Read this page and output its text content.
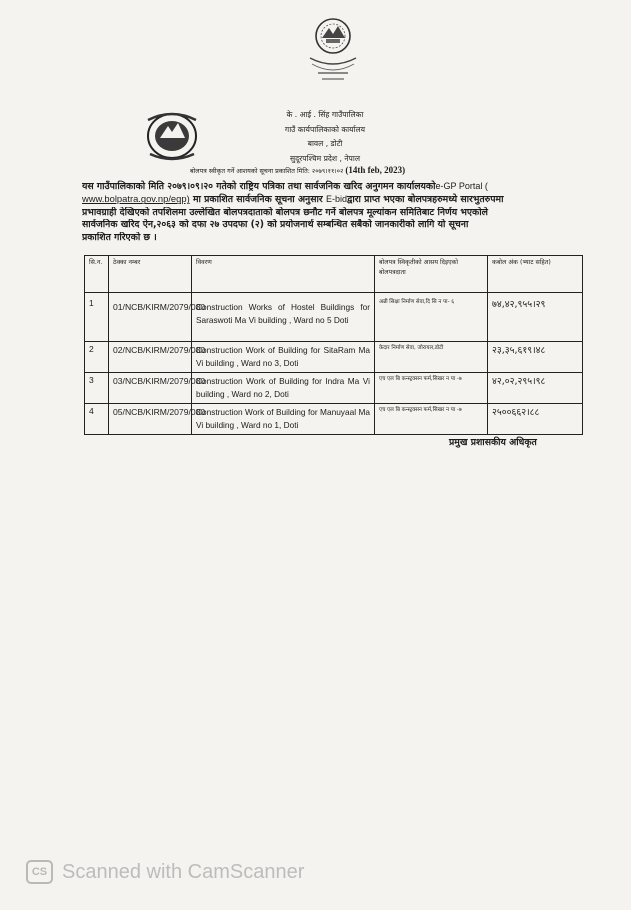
के . आई . सिंह गाउँपालिका
गाउँ कार्यपालिकाको कार्यालय
बावल , डोटी
सुदूरपश्चिम प्रदेश , नेपाल
बोलपत्र स्वीकृत गर्ने आशयको सूचना प्रकाशित मिति: २०७९।११।०२ (14th feb, 2023)
यस गाउँपालिकाको मिति २०७९।०९।२० गतेको राष्ट्रिय पत्रिका तथा सार्वजनिक खरिद अनुगमन कार्यालयकोe-GP Portal (
www.bolpatra.gov.np/egp) मा प्रकाशित सार्वजनिक सूचना अनुसार E-bidद्वारा प्राप्त भएका बोलपत्रहरुमध्ये सारभुतरुपमा
प्रभावग्राही देखिएको तपशिलमा उल्लेखित बोलपत्रदाताको बोलपत्र छनौट गर्ने बोलपत्र मूल्यांकन समितिबाट निर्णय भएकोले
सार्वजनिक खरिद ऐन,२०६३ को दफा २७ उपदफा (२) को प्रयोजनार्थ सम्बन्धित सबैको जानकारीको लागि यो सूचना
प्रकाशित गरिएको छ ।
सि.न.	ठेक्का नम्बर	विवरण	बोलपत्र स्विकृतीको आसय दिइएको बोलपत्रदाता	कबोल अंक (भ्याट सहित)
1	01/NCB/KIRM/2079/080	Construction Works of Hostel Buildings for Saraswoti Ma Vi building , Ward no 5 Doti	अन्नी सिक्षा निर्माण सेवा,दि सि न पा- ६	७४,४२,९५५।२९
2	02/NCB/KIRM/2079/080	Construction Work of Building for SitaRam Ma Vi building , Ward no 3, Doti	केदार निर्माण सेवा, जोरायल,डोटी	२३,३५,६१९।४८
3	03/NCB/KIRM/2079/080	Construction Work of Building for Indra Ma Vi building , Ward no 2, Doti	एच एल बि कन्स्ट्रक्सन फर्म,सिखर न पा -७	४२,०२,२९५।९८
4	05/NCB/KIRM/2079/080	Construction Work of Building for Manuyaal Ma Vi building , Ward no 1, Doti	एच एल बि कन्स्ट्रक्सन फर्म,सिखर न पा -७	२५००६६२।८८
प्रमुख प्रशासकीय अधिकृत
CS Scanned with CamScanner
